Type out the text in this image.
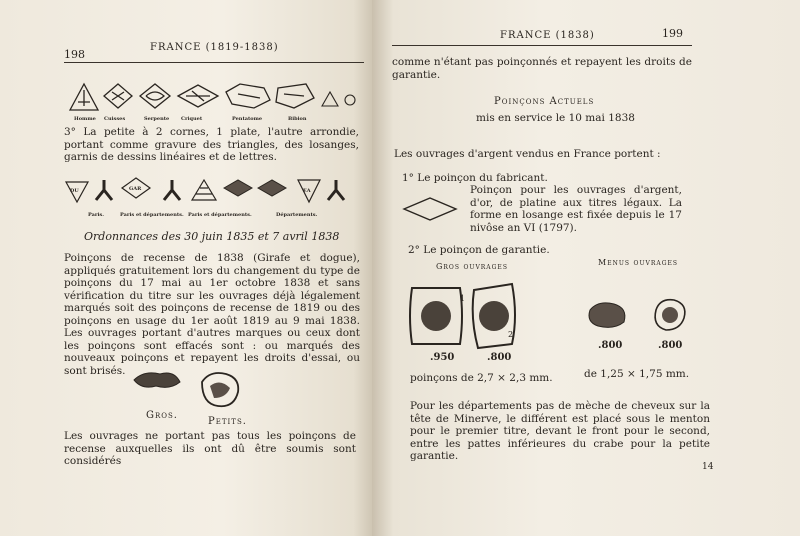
198
FRANCE (1819-1838)
Homme Cuisses	Serpente Criquet	Pentatome	Bibion
3° La petite à 2 cornes, 1 plate, l'autre arrondie, portant comme gravure des triangles, des losanges, garnis de dessins linéaires et de lettres.
DU	GAR	EA
Paris.	Paris et départements. Paris et départements.	Départements.
Ordonnances des 30 juin 1835 et 7 avril 1838
Poinçons de recense de 1838 (Girafe et dogue), appliqués gratuitement lors du changement du type de poinçons du 17 mai au 1er octobre 1838 et sans vérification du titre sur les ouvrages déjà légalement marqués soit des poinçons de recense de 1819 ou des poinçons en usage du 1er août 1819 au 9 mai 1838. Les ouvrages portant d'autres marques ou ceux dont les poinçons sont effacés sont : ou marqués des nouveaux poinçons et repayent les droits d'essai, ou sont brisés.
Gros.
Petits.
Les ouvrages ne portant pas tous les poinçons de recense auxquelles ils ont dû être soumis sont considérés
FRANCE (1838)	199
comme n'étant pas poinçonnés et repayent les droits de garantie.
Poinçons Actuels
mis en service le 10 mai 1838
Les ouvrages d'argent vendus en France portent :
1° Le poinçon du fabricant.
Poinçon pour les ouvrages d'argent, d'or, de platine aux titres légaux. La forme en losange est fixée depuis le 17 nivôse an VI (1797).
2° Le poinçon de garantie.
Gros ouvrages	Menus ouvrages
1
2
.950	.800
.800	.800
poinçons de 2,7 × 2,3 mm.	de 1,25 × 1,75 mm.
Pour les départements pas de mèche de cheveux sur la tête de Minerve, le différent est placé sous le menton pour le premier titre, devant le front pour le second, entre les pattes inférieures du crabe pour la petite garantie.
14
